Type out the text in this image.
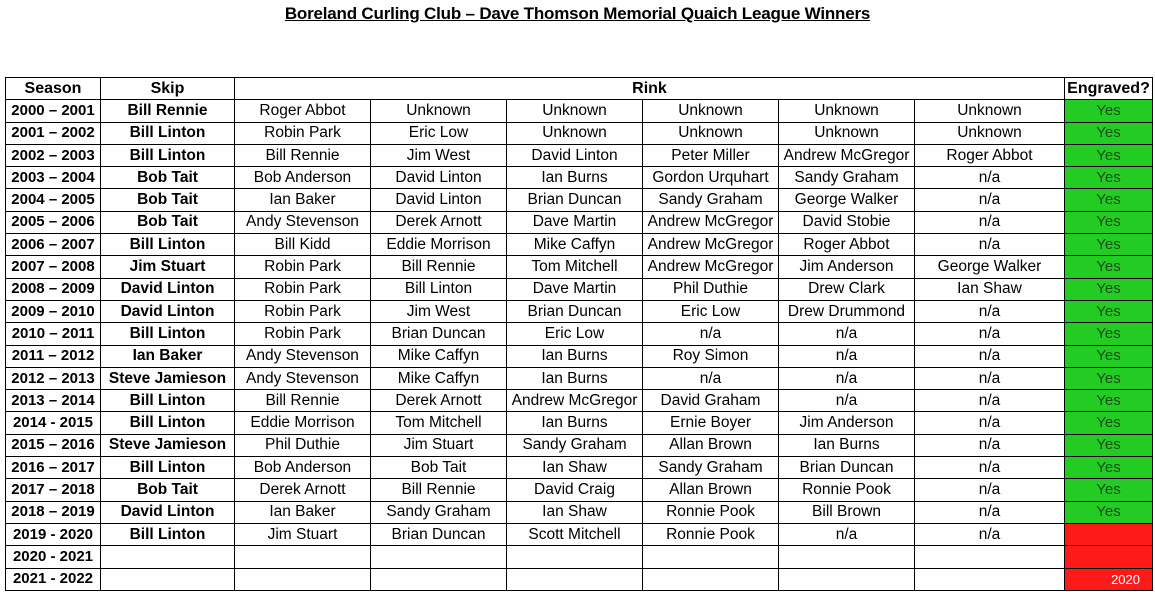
Boreland Curling Club – Dave Thomson Memorial Quaich League Winners
Season	Skip	Rink						Engraved?
2000 – 2001	Bill Rennie	Roger Abbot	Unknown	Unknown	Unknown	Unknown	Unknown	Yes
2001 – 2002	Bill Linton	Robin Park	Eric Low	Unknown	Unknown	Unknown	Unknown	Yes
2002 – 2003	Bill Linton	Bill Rennie	Jim West	David Linton	Peter Miller	Andrew McGregor	Roger Abbot	Yes
2003 – 2004	Bob Tait	Bob Anderson	David Linton	Ian Burns	Gordon Urquhart	Sandy Graham	n/a	Yes
2004 – 2005	Bob Tait	Ian Baker	David Linton	Brian Duncan	Sandy Graham	George Walker	n/a	Yes
2005 – 2006	Bob Tait	Andy Stevenson	Derek Arnott	Dave Martin	Andrew McGregor	David Stobie	n/a	Yes
2006 – 2007	Bill Linton	Bill Kidd	Eddie Morrison	Mike Caffyn	Andrew McGregor	Roger Abbot	n/a	Yes
2007 – 2008	Jim Stuart	Robin Park	Bill Rennie	Tom Mitchell	Andrew McGregor	Jim Anderson	George Walker	Yes
2008 – 2009	David Linton	Robin Park	Bill Linton	Dave Martin	Phil Duthie	Drew Clark	Ian Shaw	Yes
2009 – 2010	David Linton	Robin Park	Jim West	Brian Duncan	Eric Low	Drew Drummond	n/a	Yes
2010 – 2011	Bill Linton	Robin Park	Brian Duncan	Eric Low	n/a	n/a	n/a	Yes
2011 – 2012	Ian Baker	Andy Stevenson	Mike Caffyn	Ian Burns	Roy Simon	n/a	n/a	Yes
2012 – 2013	Steve Jamieson	Andy Stevenson	Mike Caffyn	Ian Burns	n/a	n/a	n/a	Yes
2013 – 2014	Bill Linton	Bill Rennie	Derek Arnott	Andrew McGregor	David Graham	n/a	n/a	Yes
2014 - 2015	Bill Linton	Eddie Morrison	Tom Mitchell	Ian Burns	Ernie Boyer	Jim Anderson	n/a	Yes
2015 – 2016	Steve Jamieson	Phil Duthie	Jim Stuart	Sandy Graham	Allan Brown	Ian Burns	n/a	Yes
2016 – 2017	Bill Linton	Bob Anderson	Bob Tait	Ian Shaw	Sandy Graham	Brian Duncan	n/a	Yes
2017 – 2018	Bob Tait	Derek Arnott	Bill Rennie	David Craig	Allan Brown	Ronnie Pook	n/a	Yes
2018 – 2019	David Linton	Ian Baker	Sandy Graham	Ian Shaw	Ronnie Pook	Bill Brown	n/a	Yes
2019 - 2020	Bill Linton	Jim Stuart	Brian Duncan	Scott Mitchell	Ronnie Pook	n/a	n/a	
2020 - 2021								
2021 - 2022								2020
